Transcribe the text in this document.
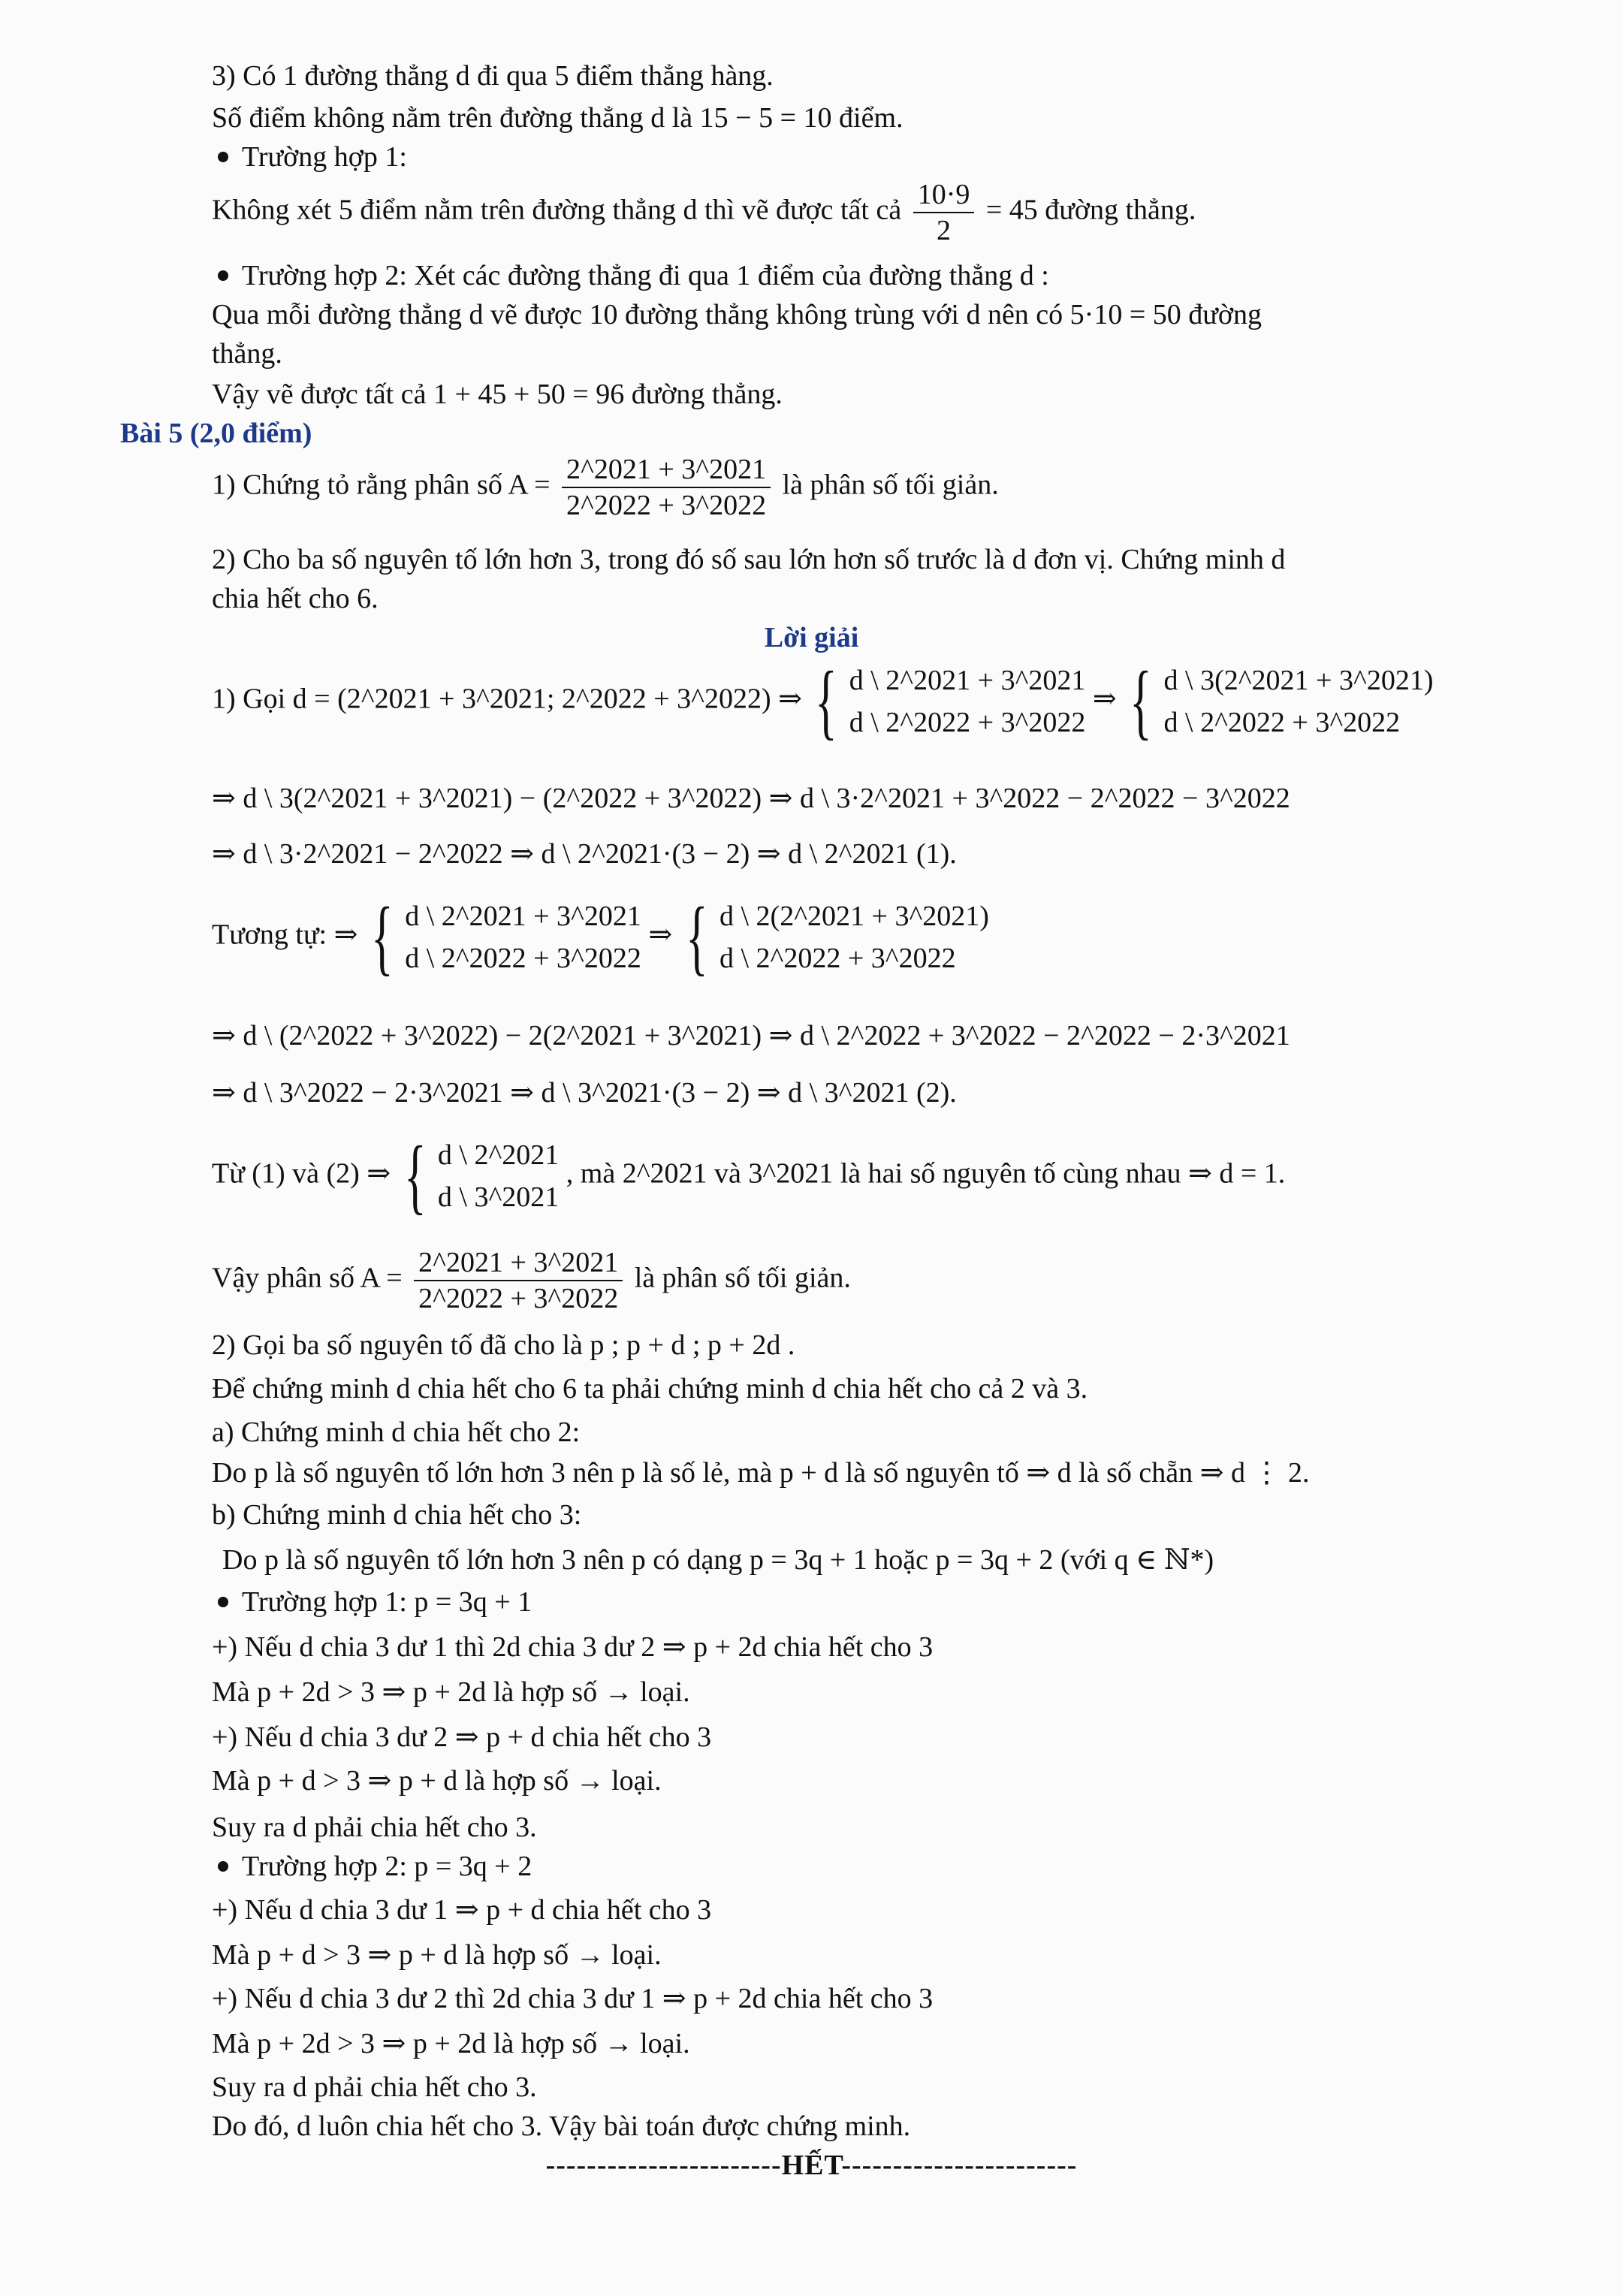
3) Có 1 đường thẳng d đi qua 5 điểm thẳng hàng.
Số điểm không nằm trên đường thẳng d là 15 − 5 = 10 điểm.
Trường hợp 1:
Không xét 5 điểm nằm trên đường thẳng d thì vẽ được tất cả $\frac{10\cdot 9}{2} = 45$ đường thẳng.
Trường hợp 2: Xét các đường thẳng đi qua 1 điểm của đường thẳng d :
Qua mỗi đường thẳng d vẽ được 10 đường thẳng không trùng với d nên có 5·10 = 50 đường
thẳng.
Vậy vẽ được tất cả 1 + 45 + 50 = 96 đường thẳng.
Bài 5 (2,0 điểm)
1) Chứng tỏ rằng phân số $A = \frac{2\^{}2021 + 3\^{}2021}{2\^{}2022 + 3\^{}2022}$ là phân số tối giản.
2) Cho ba số nguyên tố lớn hơn 3, trong đó số sau lớn hơn số trước là d đơn vị. Chứng minh d
chia hết cho 6.
Lời giải
1) Gọi d = (2^2021 + 3^2021; 2^2022 + 3^2022) ⇒ { d \ 2^2021 + 3^2021
d \ 2^2022 + 3^2022
⇒ { d \ 3(2^2021 + 3^2021)
d \ 2^2022 + 3^2022
⇒ d \ 3(2^2021 + 3^2021) − (2^2022 + 3^2022) ⇒ d \ 3·2^2021 + 3^2022 − 2^2022 − 3^2022
⇒ d \ 3·2^2021 − 2^2022 ⇒ d \ 2^2021·(3 − 2) ⇒ d \ 2^2021 (1).
Tương tự: ⇒ { d \ 2^2021 + 3^2021
d \ 2^2022 + 3^2022
⇒ { d \ 2(2^2021 + 3^2021)
d \ 2^2022 + 3^2022
⇒ d \ (2^2022 + 3^2022) − 2(2^2021 + 3^2021) ⇒ d \ 2^2022 + 3^2022 − 2^2022 − 2·3^2021
⇒ d \ 3^2022 − 2·3^2021 ⇒ d \ 3^2021·(3 − 2) ⇒ d \ 3^2021 (2).
Từ (1) và (2) ⇒ { d \ 2^2021
d \ 3^2021
, mà 2^2021 và 3^2021 là hai số nguyên tố cùng nhau ⇒ d = 1.
Vậy phân số $A = \frac{2\^{}2021 + 3\^{}2021}{2\^{}2022 + 3\^{}2022}$ là phân số tối giản.
2) Gọi ba số nguyên tố đã cho là p ; p + d ; p + 2d .
Để chứng minh d chia hết cho 6 ta phải chứng minh d chia hết cho cả 2 và 3.
a) Chứng minh d chia hết cho 2:
Do p là số nguyên tố lớn hơn 3 nên p là số lẻ, mà p + d là số nguyên tố ⇒ d là số chẵn ⇒ d ⋮ 2.
b) Chứng minh d chia hết cho 3:
Do p là số nguyên tố lớn hơn 3 nên p có dạng p = 3q + 1 hoặc p = 3q + 2 (với q ∈ ℕ*)
Trường hợp 1: p = 3q + 1
+) Nếu d chia 3 dư 1 thì 2d chia 3 dư 2 ⇒ p + 2d chia hết cho 3
Mà p + 2d > 3 ⇒ p + 2d là hợp số → loại.
+) Nếu d chia 3 dư 2 ⇒ p + d chia hết cho 3
Mà p + d > 3 ⇒ p + d là hợp số → loại.
Suy ra d phải chia hết cho 3.
Trường hợp 2: p = 3q + 2
+) Nếu d chia 3 dư 1 ⇒ p + d chia hết cho 3
Mà p + d > 3 ⇒ p + d là hợp số → loại.
+) Nếu d chia 3 dư 2 thì 2d chia 3 dư 1 ⇒ p + 2d chia hết cho 3
Mà p + 2d > 3 ⇒ p + 2d là hợp số → loại.
Suy ra d phải chia hết cho 3.
Do đó, d luôn chia hết cho 3. Vậy bài toán được chứng minh.
-----------------------HẾT-----------------------
